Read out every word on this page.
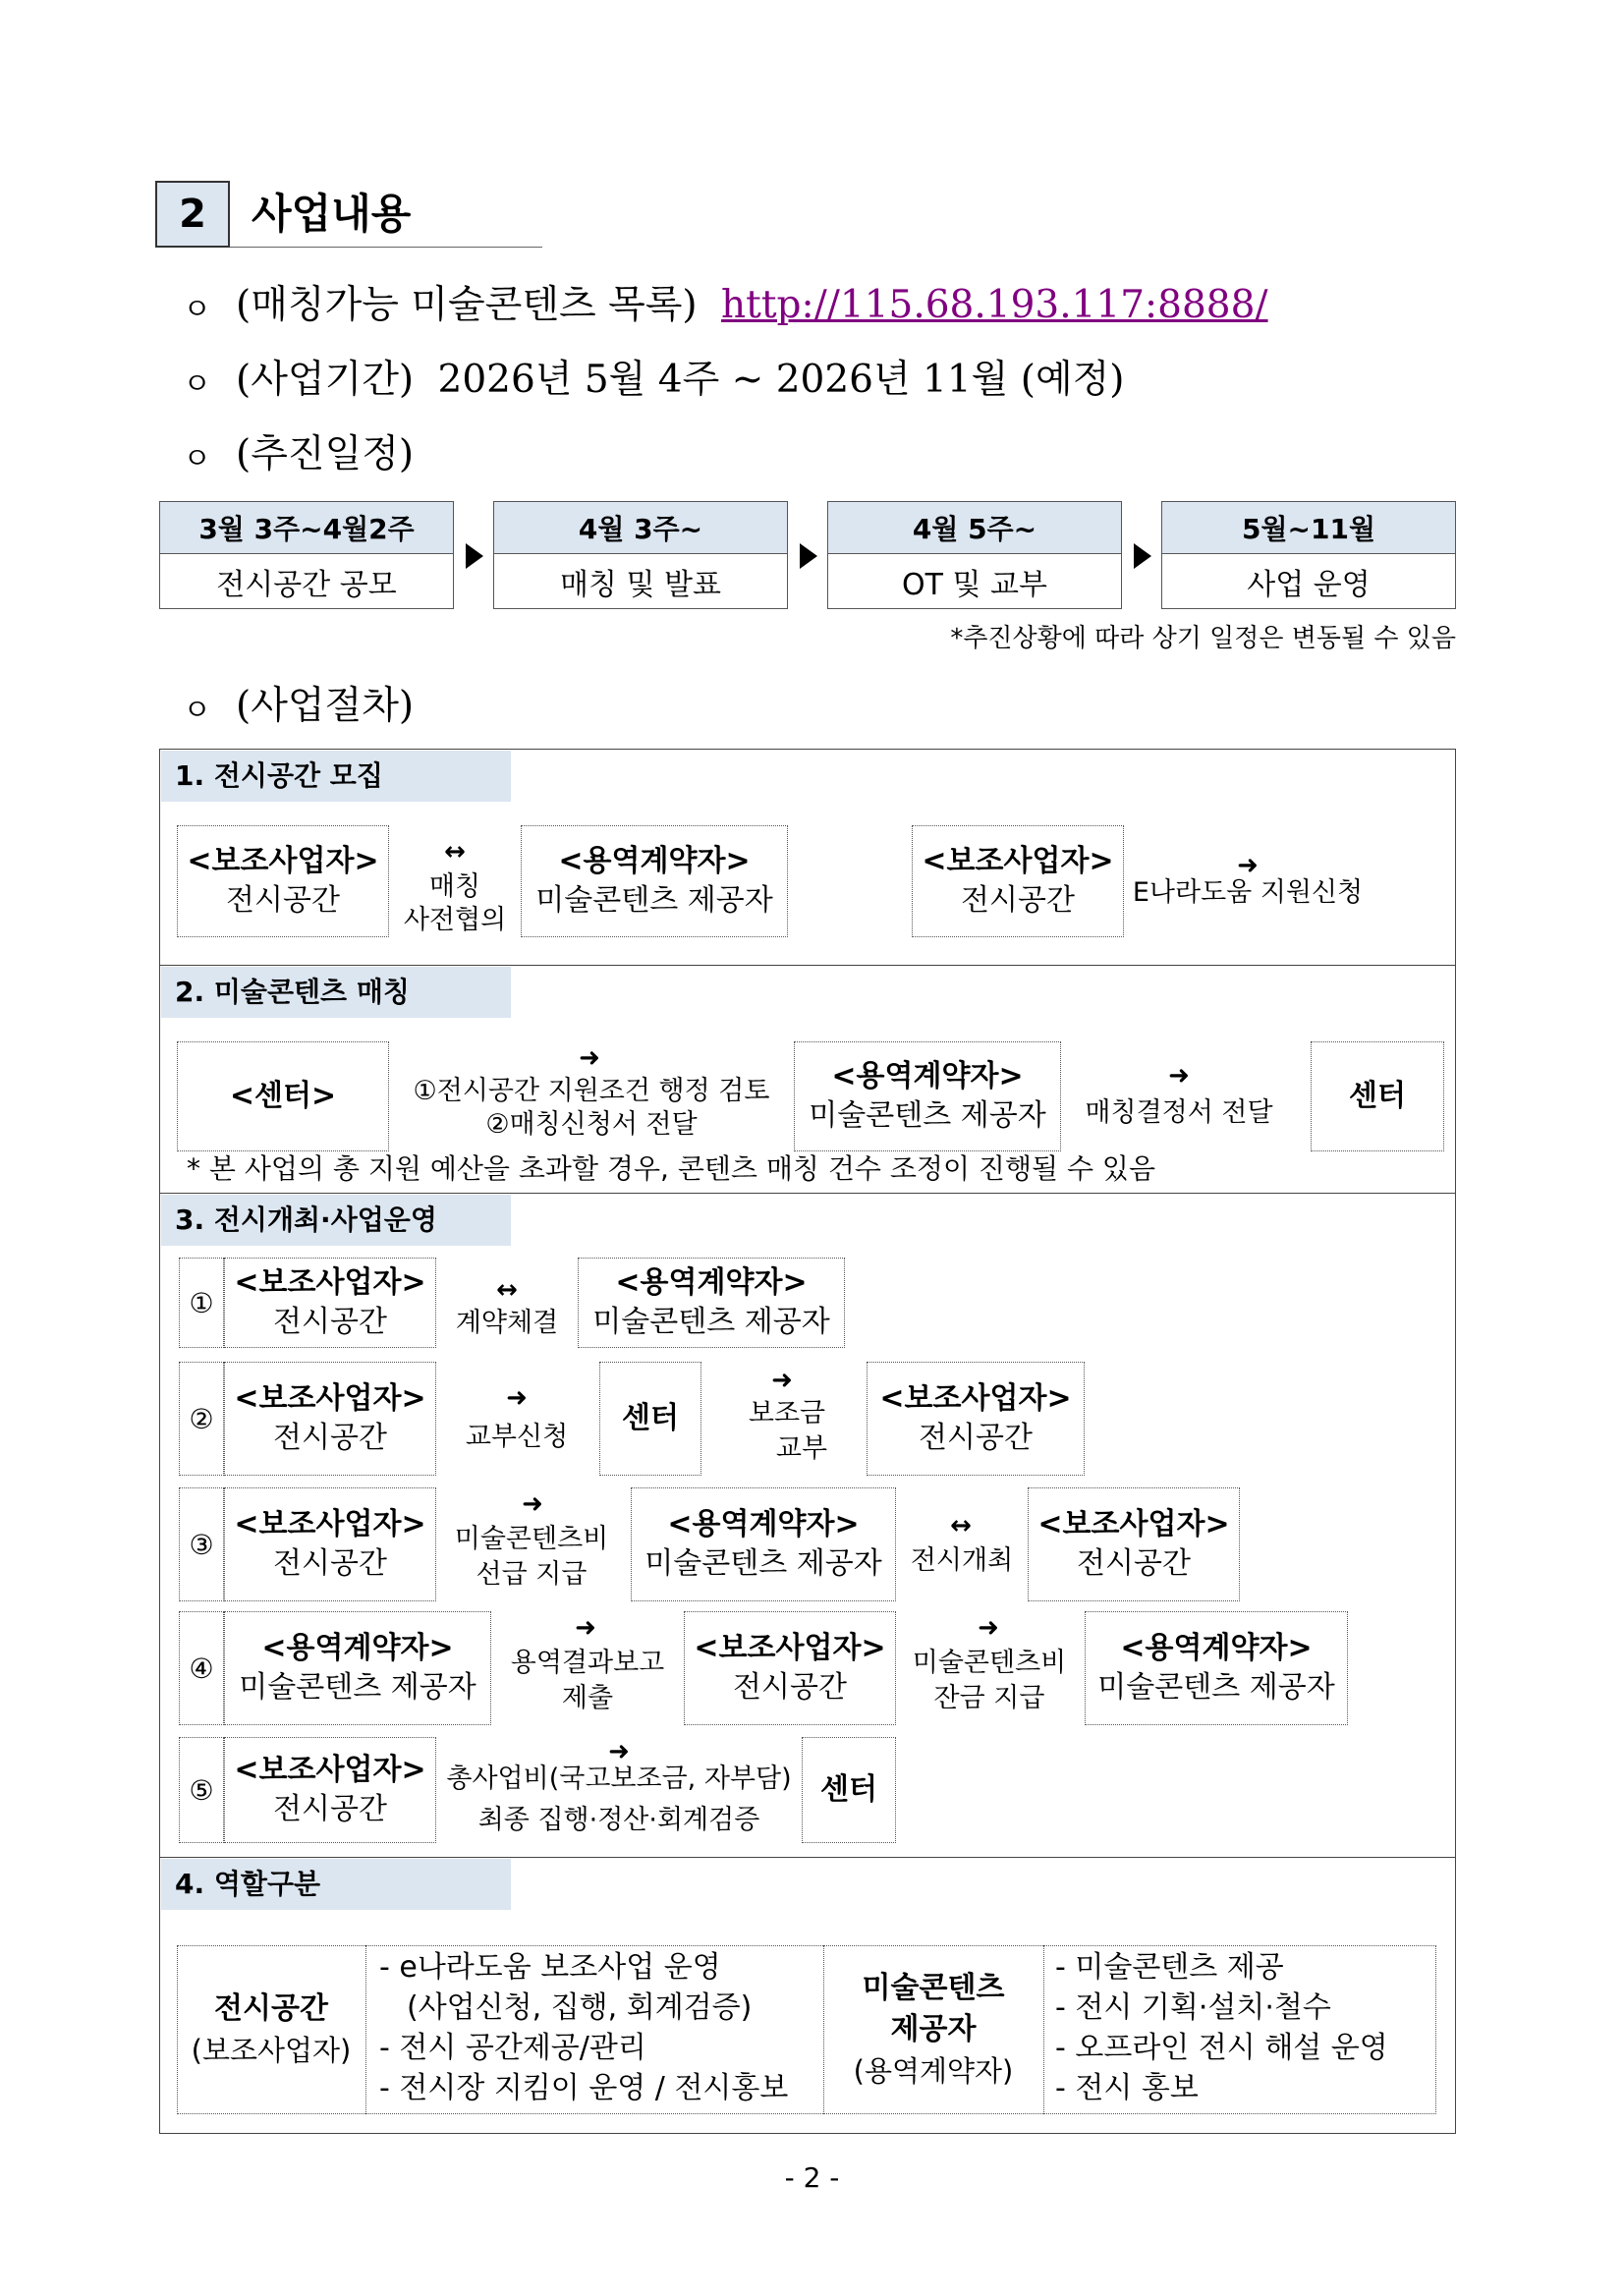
2 사업내용
ㅇ (매칭가능 미술콘텐츠 목록) http://115.68.193.117:8888/
ㅇ (사업기간) 2026년 5월 4주 ~ 2026년 11월 (예정)
ㅇ (추진일정)
3월 3주~4월2주
전시공간 공모
4월 3주~
매칭 및 발표
4월 5주~
OT 및 교부
5월~11월
사업 운영
*추진상황에 따라 상기 일정은 변동될 수 있음
ㅇ (사업절차)
1. 전시공간 모집
<보조사업자>
전시공간
↔
매칭
사전협의
<용역계약자>
미술콘텐츠 제공자
<보조사업자>
전시공간
➜
E나라도움 지원신청
2. 미술콘텐츠 매칭
<센터>
➜
①전시공간 지원조건 행정 검토
②매칭신청서 전달
<용역계약자>
미술콘텐츠 제공자
➜
매칭결정서 전달	센터
* 본 사업의 총 지원 예산을 초과할 경우, 콘텐츠 매칭 건수 조정이 진행될 수 있음
3. 전시개최·사업운영
①
<보조사업자>
전시공간
↔
계약체결
<용역계약자>
미술콘텐츠 제공자
②
<보조사업자>
전시공간
➜
교부신청
센터
➜
보조금
교부
<보조사업자>
전시공간
③
<보조사업자>
전시공간
➜
미술콘텐츠비
선급 지급
<용역계약자>
미술콘텐츠 제공자
↔
전시개최
<보조사업자>
전시공간
④
<용역계약자>
미술콘텐츠 제공자
➜
용역결과보고
제출
<보조사업자>
전시공간
➜
미술콘텐츠비
잔금 지급
<용역계약자>
미술콘텐츠 제공자
⑤
<보조사업자>
전시공간
➜
총사업비(국고보조금, 자부담)
최종 집행·정산·회계검증
센터
4. 역할구분
전시공간
(보조사업자)
- e나라도움 보조사업 운영
(사업신청, 집행, 회계검증)
- 전시 공간제공/관리
- 전시장 지킴이 운영 / 전시홍보
미술콘텐츠
제공자
(용역계약자)
- 미술콘텐츠 제공
- 전시 기획·설치·철수
- 오프라인 전시 해설 운영
- 전시 홍보
- 2 -
